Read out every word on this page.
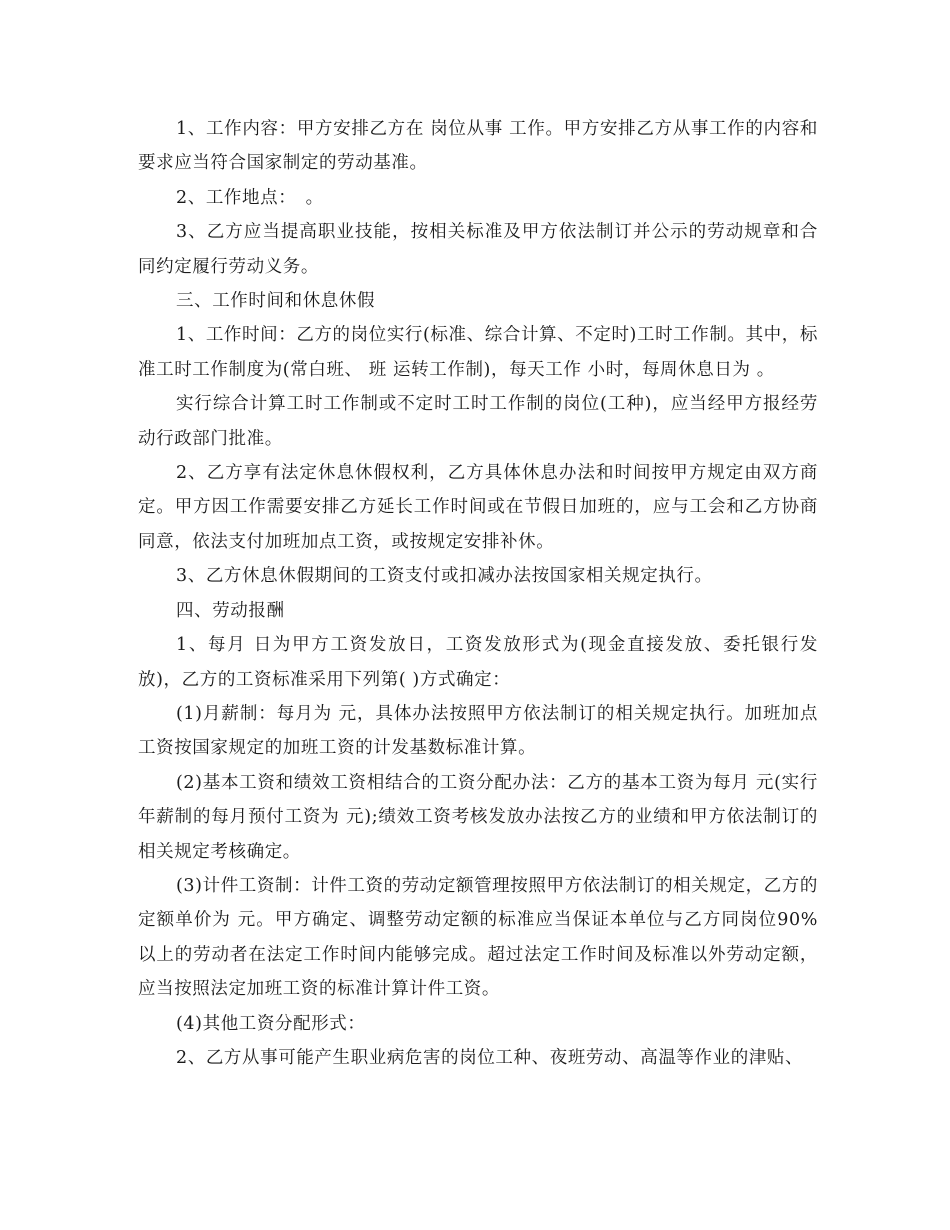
1、工作内容：甲方安排乙方在 岗位从事 工作。甲方安排乙方从事工作的内容和要求应当符合国家制定的劳动基准。

2、工作地点：　。

3、乙方应当提高职业技能，按相关标准及甲方依法制订并公示的劳动规章和合同约定履行劳动义务。

三、工作时间和休息休假

1、工作时间：乙方的岗位实行(标准、综合计算、不定时)工时工作制。其中，标准工时工作制度为(常白班、 班 运转工作制)，每天工作 小时，每周休息日为 。

实行综合计算工时工作制或不定时工时工作制的岗位(工种)，应当经甲方报经劳动行政部门批准。

2、乙方享有法定休息休假权利，乙方具体休息办法和时间按甲方规定由双方商定。甲方因工作需要安排乙方延长工作时间或在节假日加班的，应与工会和乙方协商同意，依法支付加班加点工资，或按规定安排补休。

3、乙方休息休假期间的工资支付或扣减办法按国家相关规定执行。

四、劳动报酬

1、每月 日为甲方工资发放日，工资发放形式为(现金直接发放、委托银行发放)，乙方的工资标准采用下列第( )方式确定：

(1)月薪制：每月为 元，具体办法按照甲方依法制订的相关规定执行。加班加点工资按国家规定的加班工资的计发基数标准计算。

(2)基本工资和绩效工资相结合的工资分配办法：乙方的基本工资为每月 元(实行年薪制的每月预付工资为 元);绩效工资考核发放办法按乙方的业绩和甲方依法制订的相关规定考核确定。

(3)计件工资制：计件工资的劳动定额管理按照甲方依法制订的相关规定，乙方的定额单价为 元。甲方确定、调整劳动定额的标准应当保证本单位与乙方同岗位90%以上的劳动者在法定工作时间内能够完成。超过法定工作时间及标准以外劳动定额，应当按照法定加班工资的标准计算计件工资。

(4)其他工资分配形式：

2、乙方从事可能产生职业病危害的岗位工种、夜班劳动、高温等作业的津贴、
